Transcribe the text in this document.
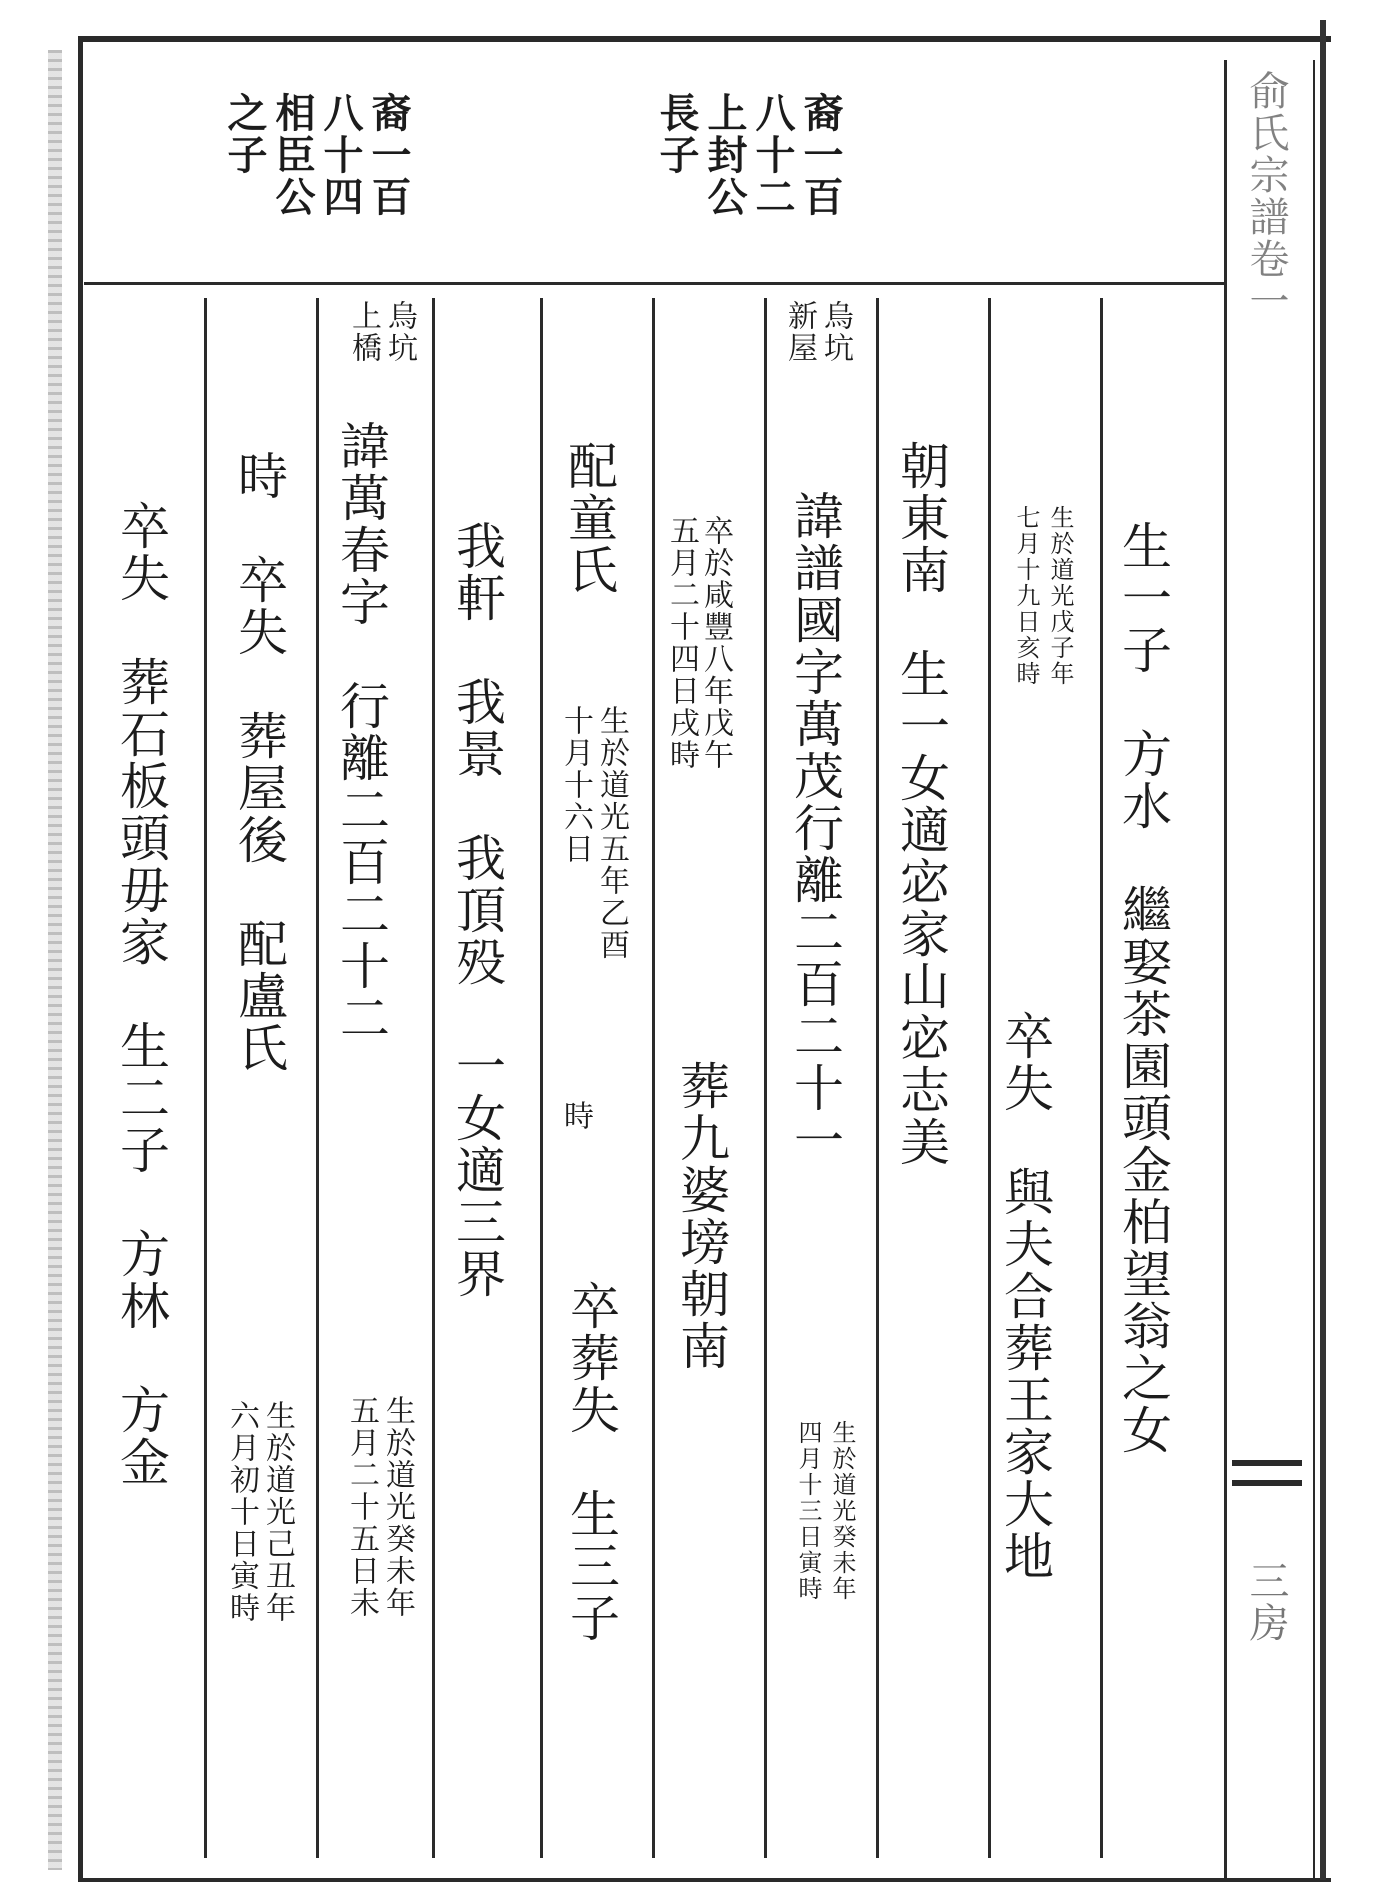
俞氏宗譜卷一
三房
裔一百
八十四
相臣公
之子	裔一百
八十二
上封公
長子
生一子　方水　繼娶茶園頭金柏望翁之女
生於道光戊子年
七月十九日亥時
卒失　與夫合葬王家大地
朝東南　生一女適宓家山宓志美
烏坑
新屋
諱譜國字萬茂行離二百二十一
生於道光癸未年
四月十三日寅時
卒於咸豐八年戊午
五月二十四日戌時
葬九婆塝朝南
配童氏
生於道光五年乙酉
十月十六日
時
卒葬失　生三子
我軒　我景　我頂殁　一女適三界
烏坑
上橋
諱萬春字　行離二百二十二
生於道光癸未年
五月二十五日未
時　卒失　葬屋後　配盧氏
生於道光己丑年
六月初十日寅時
卒失　葬石板頭毋家　生二子　方林　方金
